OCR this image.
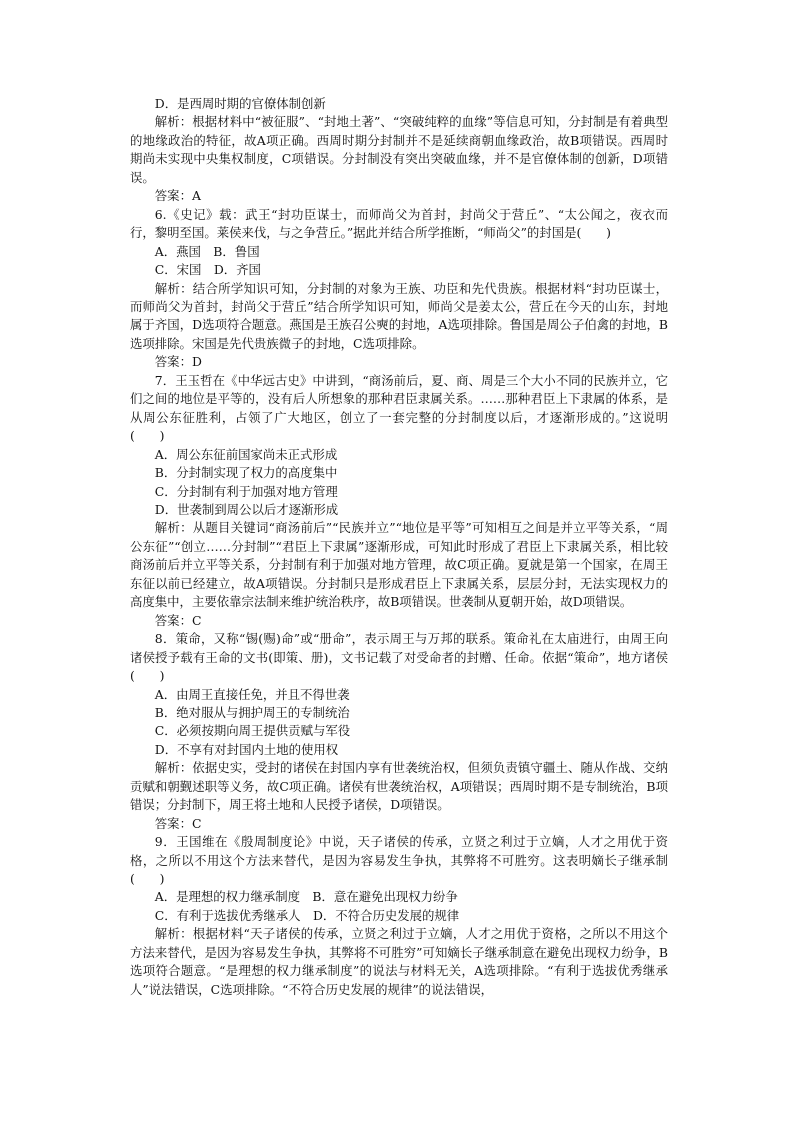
D．是西周时期的官僚体制创新

解析：根据材料中“被征服”、“封地土著”、“突破纯粹的血缘”等信息可知，分封制是有着典型的地缘政治的特征，故A项正确。西周时期分封制并不是延续商朝血缘政治，故B项错误。西周时期尚未实现中央集权制度，C项错误。分封制没有突出突破血缘，并不是官僚体制的创新，D项错误。

答案：A

6.《史记》载：武王“封功臣谋士，而师尚父为首封，封尚父于营丘”、“太公闻之，夜衣而行，黎明至国。莱侯来伐，与之争营丘。”据此并结合所学推断，“师尚父”的封国是(　　)

A．燕国　B．鲁国

C．宋国　D．齐国

解析：结合所学知识可知，分封制的对象为王族、功臣和先代贵族。根据材料“封功臣谋士，而师尚父为首封，封尚父于营丘”结合所学知识可知，师尚父是姜太公，营丘在今天的山东，封地属于齐国，D选项符合题意。燕国是王族召公奭的封地，A选项排除。鲁国是周公子伯禽的封地，B选项排除。宋国是先代贵族微子的封地，C选项排除。

答案：D

7．王玉哲在《中华远古史》中讲到，“商汤前后，夏、商、周是三个大小不同的民族并立，它们之间的地位是平等的，没有后人所想象的那种君臣隶属关系。……那种君臣上下隶属的体系，是从周公东征胜利，占领了广大地区，创立了一套完整的分封制度以后，才逐渐形成的。”这说明(　　)

A．周公东征前国家尚未正式形成

B．分封制实现了权力的高度集中

C．分封制有利于加强对地方管理

D．世袭制到周公以后才逐渐形成

解析：从题目关键词“商汤前后”“民族并立”“地位是平等”可知相互之间是并立平等关系，“周公东征”“创立……分封制”“君臣上下隶属”逐渐形成，可知此时形成了君臣上下隶属关系，相比较商汤前后并立平等关系，分封制有利于加强对地方管理，故C项正确。夏就是第一个国家，在周王东征以前已经建立，故A项错误。分封制只是形成君臣上下隶属关系，层层分封，无法实现权力的高度集中，主要依靠宗法制来维护统治秩序，故B项错误。世袭制从夏朝开始，故D项错误。

答案：C

8．策命，又称“锡(赐)命”或“册命”，表示周王与万邦的联系。策命礼在太庙进行，由周王向诸侯授予载有王命的文书(即策、册)，文书记载了对受命者的封赠、任命。依据“策命”，地方诸侯(　　)

A．由周王直接任免，并且不得世袭

B．绝对服从与拥护周王的专制统治

C．必须按期向周王提供贡赋与军役

D．不享有对封国内土地的使用权

解析：依据史实，受封的诸侯在封国内享有世袭统治权，但须负责镇守疆土、随从作战、交纳贡赋和朝觐述职等义务，故C项正确。诸侯有世袭统治权，A项错误；西周时期不是专制统治，B项错误；分封制下，周王将土地和人民授予诸侯，D项错误。

答案：C

9．王国维在《殷周制度论》中说，天子诸侯的传承，立贤之利过于立嫡，人才之用优于资格，之所以不用这个方法来替代，是因为容易发生争执，其弊将不可胜穷。这表明嫡长子继承制(　　)

A．是理想的权力继承制度　B．意在避免出现权力纷争

C．有利于选拔优秀继承人　D．不符合历史发展的规律

解析：根据材料“天子诸侯的传承，立贤之利过于立嫡，人才之用优于资格，之所以不用这个方法来替代，是因为容易发生争执，其弊将不可胜穷”可知嫡长子继承制意在避免出现权力纷争，B选项符合题意。“是理想的权力继承制度”的说法与材料无关，A选项排除。“有利于选拔优秀继承人”说法错误，C选项排除。“不符合历史发展的规律”的说法错误，
